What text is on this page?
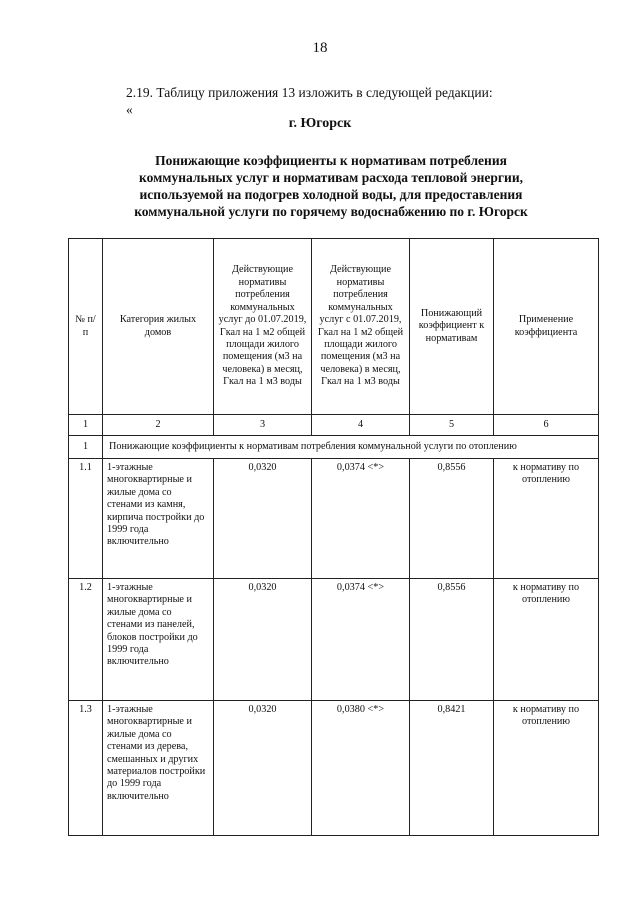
18
2.19. Таблицу приложения 13 изложить в следующей редакции:
«
г. Югорск
Понижающие коэффициенты к нормативам потребления
коммунальных услуг и нормативам расхода тепловой энергии,
используемой на подогрев холодной воды, для предоставления
коммунальной услуги по горячему водоснабжению по г. Югорск
№ п/п	Категория жилых домов	Действующие нормативы потребления коммунальных услуг до 01.07.2019, Гкал на 1 м2 общей площади жилого помещения (м3 на человека) в месяц, Гкал на 1 м3 воды	Действующие нормативы потребления коммунальных услуг с 01.07.2019, Гкал на 1 м2 общей площади жилого помещения (м3 на человека) в месяц, Гкал на 1 м3 воды	Понижающий коэффициент к нормативам	Применение коэффициента
1	2	3	4	5	6
1	Понижающие коэффициенты к нормативам потребления коммунальной услуги по отоплению				
1.1	1-этажные многоквартирные и жилые дома со стенами из камня, кирпича постройки до 1999 года включительно	0,0320	0,0374 <*>	0,8556	к нормативу по отоплению
1.2	1-этажные многоквартирные и жилые дома со стенами из панелей, блоков постройки до 1999 года включительно	0,0320	0,0374 <*>	0,8556	к нормативу по отоплению
1.3	1-этажные многоквартирные и жилые дома со стенами из дерева, смешанных и других материалов постройки до 1999 года включительно	0,0320	0,0380 <*>	0,8421	к нормативу по отоплению
